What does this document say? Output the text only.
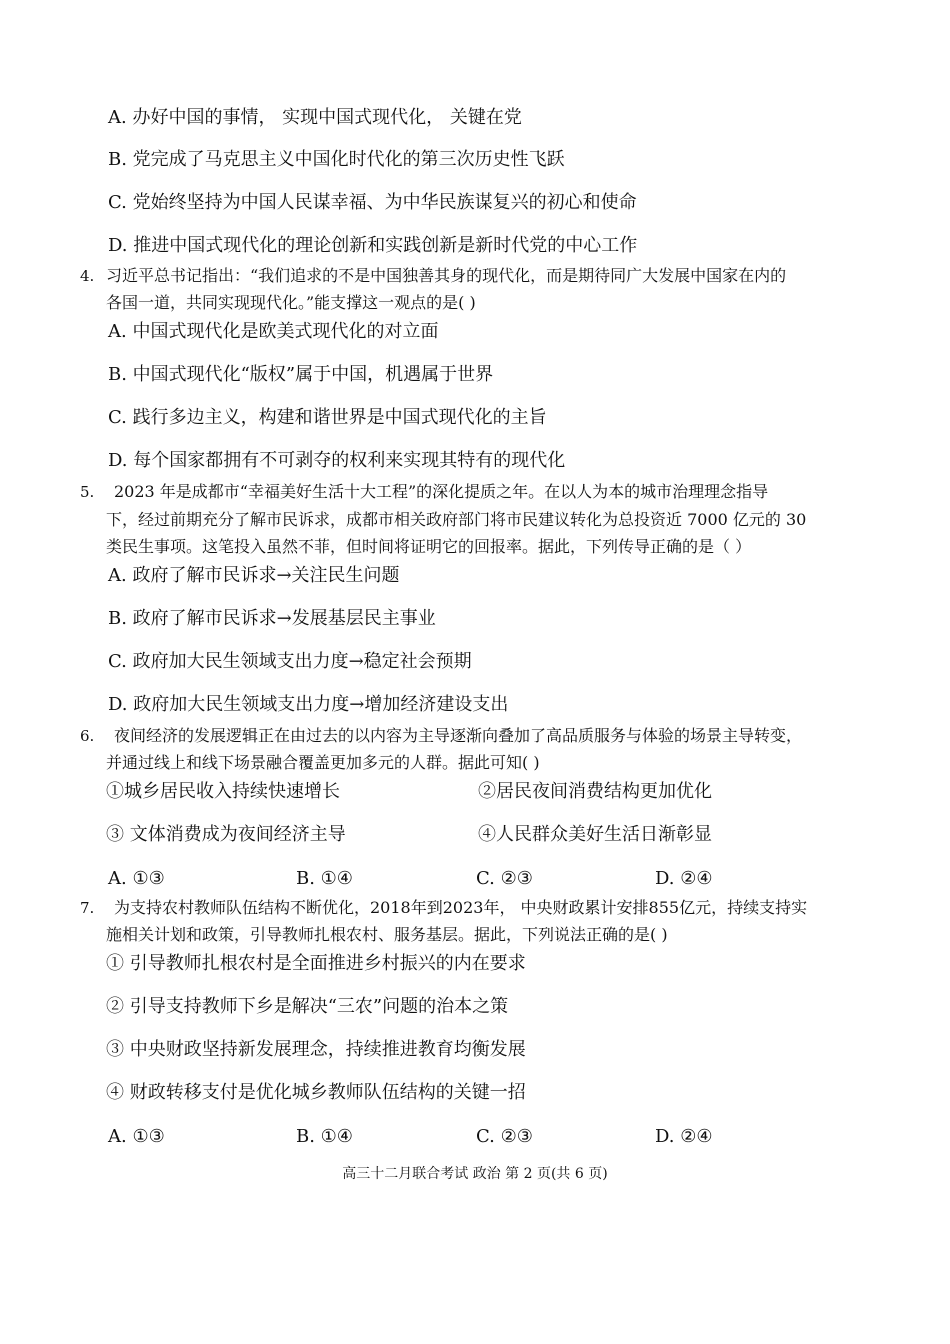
A. 办好中国的事情， 实现中国式现代化， 关键在党
B. 党完成了马克思主义中国化时代化的第三次历史性飞跃
C. 党始终坚持为中国人民谋幸福、为中华民族谋复兴的初心和使命
D. 推进中国式现代化的理论创新和实践创新是新时代党的中心工作
4. 习近平总书记指出：“我们追求的不是中国独善其身的现代化，而是期待同广大发展中国家在内的
各国一道，共同实现现代化。”能支撑这一观点的是( )
A. 中国式现代化是欧美式现代化的对立面
B. 中国式现代化“版权”属于中国，机遇属于世界
C. 践行多边主义，构建和谐世界是中国式现代化的主旨
D. 每个国家都拥有不可剥夺的权利来实现其特有的现代化
5. 2023 年是成都市“幸福美好生活十大工程”的深化提质之年。在以人为本的城市治理理念指导
下，经过前期充分了解市民诉求，成都市相关政府部门将市民建议转化为总投资近 7000 亿元的 30
类民生事项。这笔投入虽然不菲，但时间将证明它的回报率。据此，下列传导正确的是（ ）
A. 政府了解市民诉求→关注民生问题
B. 政府了解市民诉求→发展基层民主事业
C. 政府加大民生领域支出力度→稳定社会预期
D. 政府加大民生领域支出力度→增加经济建设支出
6. 夜间经济的发展逻辑正在由过去的以内容为主导逐渐向叠加了高品质服务与体验的场景主导转变，
并通过线上和线下场景融合覆盖更加多元的人群。据此可知( )
①城乡居民收入持续快速增长	②居民夜间消费结构更加优化
③ 文体消费成为夜间经济主导	④人民群众美好生活日渐彰显
A. ①③	B. ①④	C. ②③	D. ②④
7. 为支持农村教师队伍结构不断优化，2018年到2023年， 中央财政累计安排855亿元，持续支持实
施相关计划和政策，引导教师扎根农村、服务基层。据此，下列说法正确的是( )
① 引导教师扎根农村是全面推进乡村振兴的内在要求
② 引导支持教师下乡是解决“三农”问题的治本之策
③ 中央财政坚持新发展理念，持续推进教育均衡发展
④ 财政转移支付是优化城乡教师队伍结构的关键一招
A. ①③	B. ①④	C. ②③	D. ②④
高三十二月联合考试 政治 第 2 页(共 6 页)
